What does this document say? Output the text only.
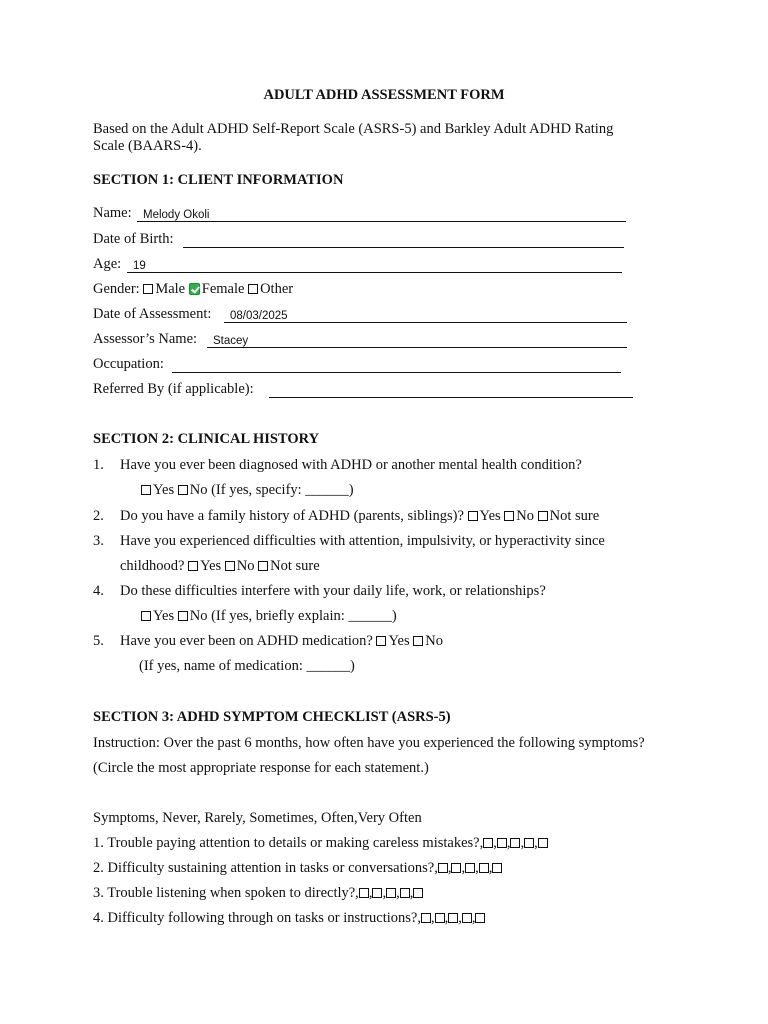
ADULT ADHD ASSESSMENT FORM
Based on the Adult ADHD Self-Report Scale (ASRS-5) and Barkley Adult ADHD Rating
Scale (BAARS-4).
SECTION 1: CLIENT INFORMATION
Name: Melody Okoli
Date of Birth:
Age: 19
Gender: Male Female Other
Date of Assessment: 08/03/2025
Assessor’s Name: Stacey
Occupation:
Referred By (if applicable):
SECTION 2: CLINICAL HISTORY
1. Have you ever been diagnosed with ADHD or another mental health condition?
Yes No (If yes, specify: ______)
2. Do you have a family history of ADHD (parents, siblings)? Yes No Not sure
3. Have you experienced difficulties with attention, impulsivity, or hyperactivity since
childhood? Yes No Not sure
4. Do these difficulties interfere with your daily life, work, or relationships?
Yes No (If yes, briefly explain: ______)
5. Have you ever been on ADHD medication? Yes No
(If yes, name of medication: ______)
SECTION 3: ADHD SYMPTOM CHECKLIST (ASRS-5)
Instruction: Over the past 6 months, how often have you experienced the following symptoms?
(Circle the most appropriate response for each statement.)
Symptoms, Never, Rarely, Sometimes, Often,Very Often
1. Trouble paying attention to details or making careless mistakes?, , , , ,
2. Difficulty sustaining attention in tasks or conversations?, , , , ,
3. Trouble listening when spoken to directly?, , , , ,
4. Difficulty following through on tasks or instructions?, , , , ,
